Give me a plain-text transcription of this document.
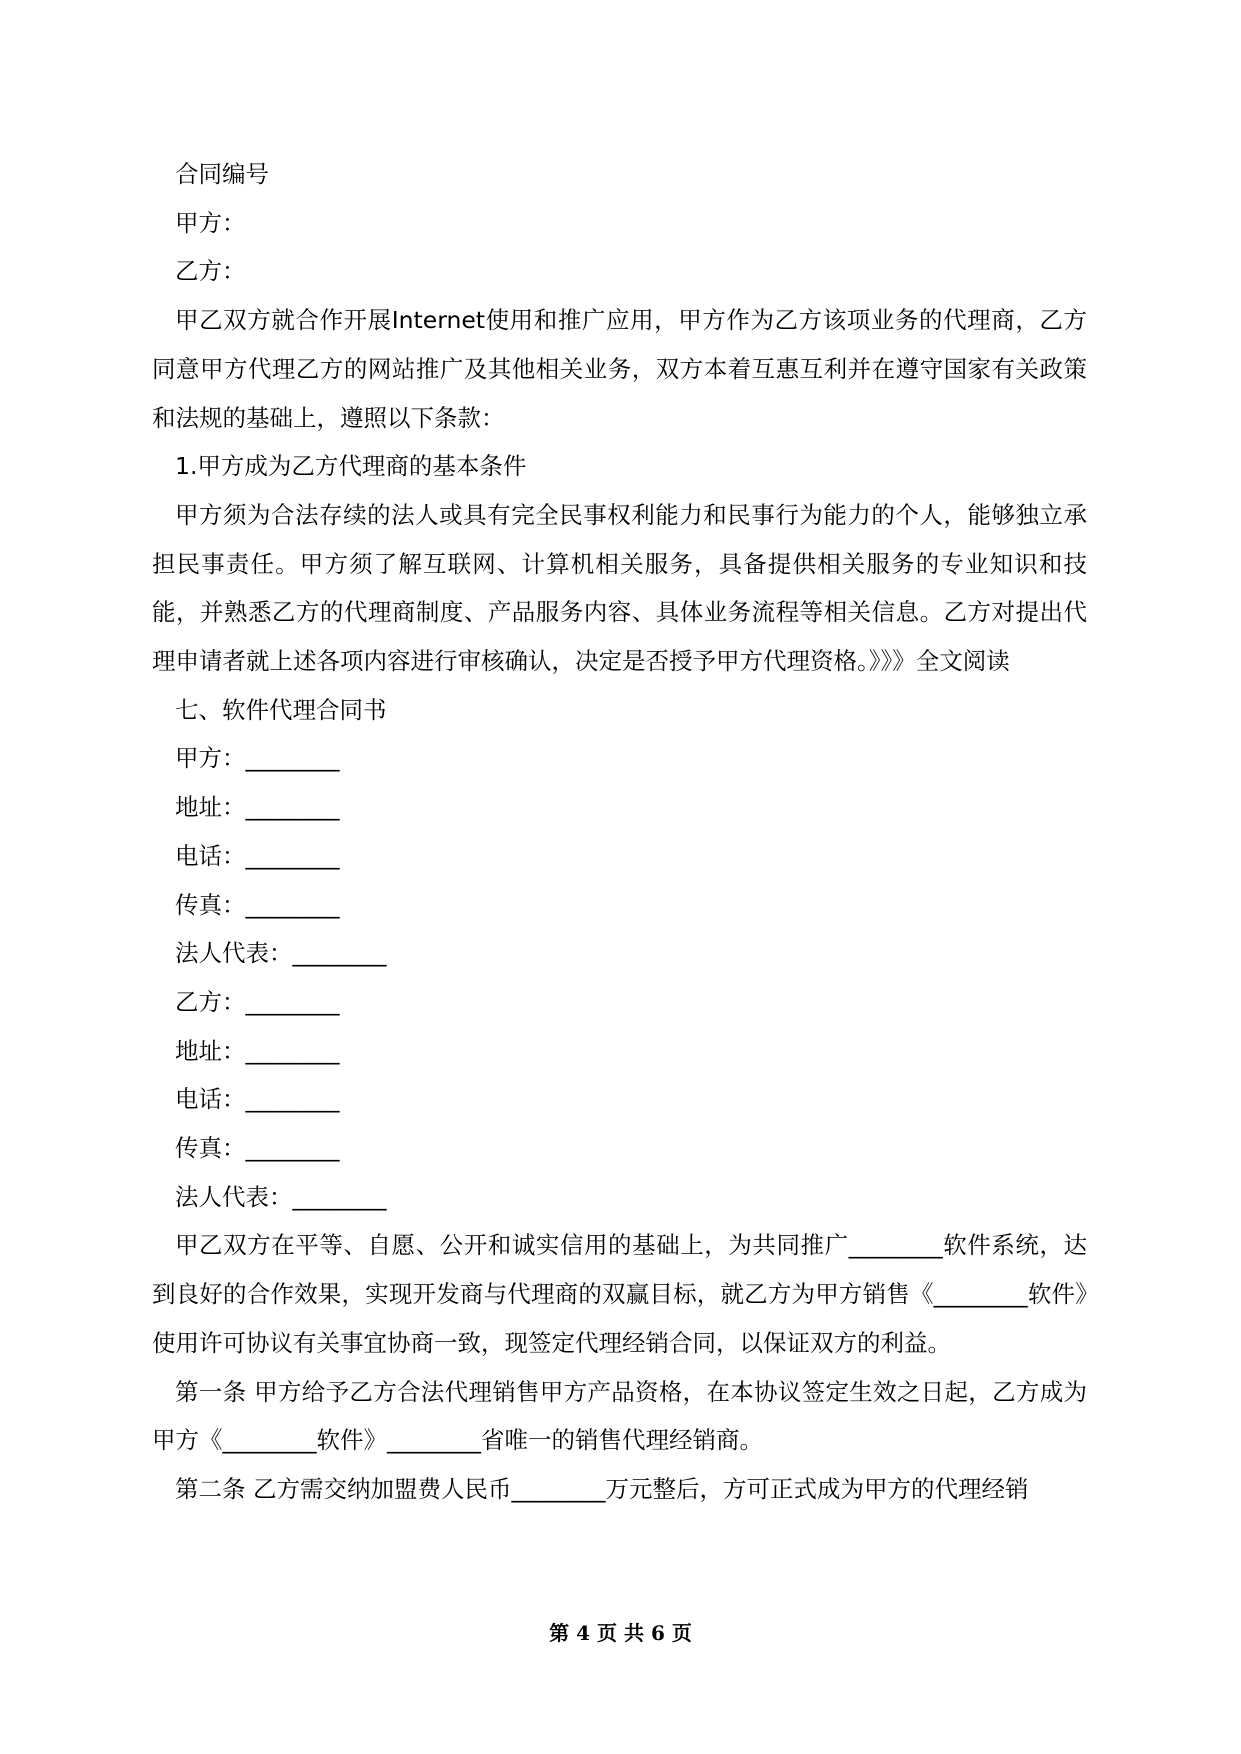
合同编号

甲方：

乙方：

甲乙双方就合作开展Internet使用和推广应用，甲方作为乙方该项业务的代理商，乙方同意甲方代理乙方的网站推广及其他相关业务，双方本着互惠互利并在遵守国家有关政策和法规的基础上，遵照以下条款：

1.甲方成为乙方代理商的基本条件

甲方须为合法存续的法人或具有完全民事权利能力和民事行为能力的个人，能够独立承担民事责任。甲方须了解互联网、计算机相关服务，具备提供相关服务的专业知识和技能，并熟悉乙方的代理商制度、产品服务内容、具体业务流程等相关信息。乙方对提出代理申请者就上述各项内容进行审核确认，决定是否授予甲方代理资格。》》》全文阅读

七、软件代理合同书

甲方：________

地址：________

电话：________

传真：________

法人代表：________

乙方：________

地址：________

电话：________

传真：________

法人代表：________

甲乙双方在平等、自愿、公开和诚实信用的基础上，为共同推广________软件系统，达到良好的合作效果，实现开发商与代理商的双赢目标，就乙方为甲方销售《________软件》使用许可协议有关事宜协商一致，现签定代理经销合同，以保证双方的利益。

第一条 甲方给予乙方合法代理销售甲方产品资格，在本协议签定生效之日起，乙方成为甲方《________软件》________省唯一的销售代理经销商。

第二条 乙方需交纳加盟费人民币________万元整后，方可正式成为甲方的代理经销

第 4 页 共 6 页
